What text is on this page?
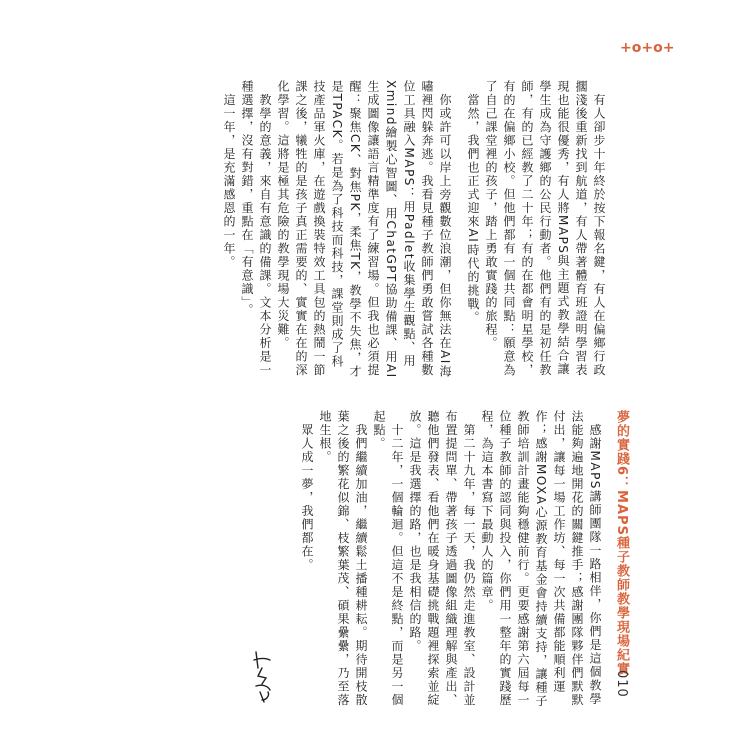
+o+o+
夢的實踐6：MAPS種子教師教學現場紀實
010

　有人卻步十年終於按下報名鍵，有人在偏鄉行政擱淺後重新找到航道，有人帶著體育班證明學習表現也能很優秀，有人將MAPS與主題式教學結合讓學生成為守護鄉的公民行動者。他們有的是初任教師，有的已經教了二十年；有的在都會明星學校，有的在偏鄉小校。但他們都有一個共同點：願意為了自己課堂裡的孩子，踏上勇敢實踐的旅程。

　當然，我們也正式迎來AI時代的挑戰。

　你或許可以岸上旁觀數位浪潮，但你無法在AI海嘯裡閃躲奔逃。我看見種子教師們勇敢嘗試各種數位工具融入MAPS：用Padlet收集學生觀點、用Xmind繪製心智圖、用ChatGPT協助備課、用AI生成圖像讓語言精準度有了練習場。但我也必須提醒：聚焦CK、對焦PK，柔焦TK，教學不失焦，才是TPACK。若是為了科技而科技，課堂則成了科技產品軍火庫，在遊戲換裝特效工具包的熱鬧一節課之後，犧牲的是孩子真正需要的、實實在在的深化學習。這將是極其危險的教學現場大災難。

　教學的意義，來自有意識的備課。文本分析是一種選擇，沒有對錯，重點在「有意識」。

　這一年，是充滿感恩的一年。

　感謝MAPS講師團隊一路相伴，你們是這個教學法能夠遍地開花的關鍵推手；感謝團隊夥伴們默默付出，讓每一場工作坊、每一次共備都能順利運作；感謝MOXA心源教育基金會持續支持，讓種子教師培訓計畫能夠穩健前行。更要感謝第六屆每一位種子教師的認同與投入，你們用一整年的實踐歷程，為這本書寫下最動人的篇章。

　第二十九年，每一天，我仍然走進教室、設計並布置提問單、帶著孩子透過圖像組織理解與產出、聽他們發表、看他們在暖身基礎挑戰題裡探索並綻放。這是我選擇的路，也是我相信的路。

　十二年，一個輪迴。但這不是終點，而是另一個起點。

　我們繼續加油，繼續鬆土播種耕耘。期待開枝散葉之後的繁花似錦、枝繁葉茂、碩果纍纍，乃至落地生根。

　眾人成一夢，我們都在。
